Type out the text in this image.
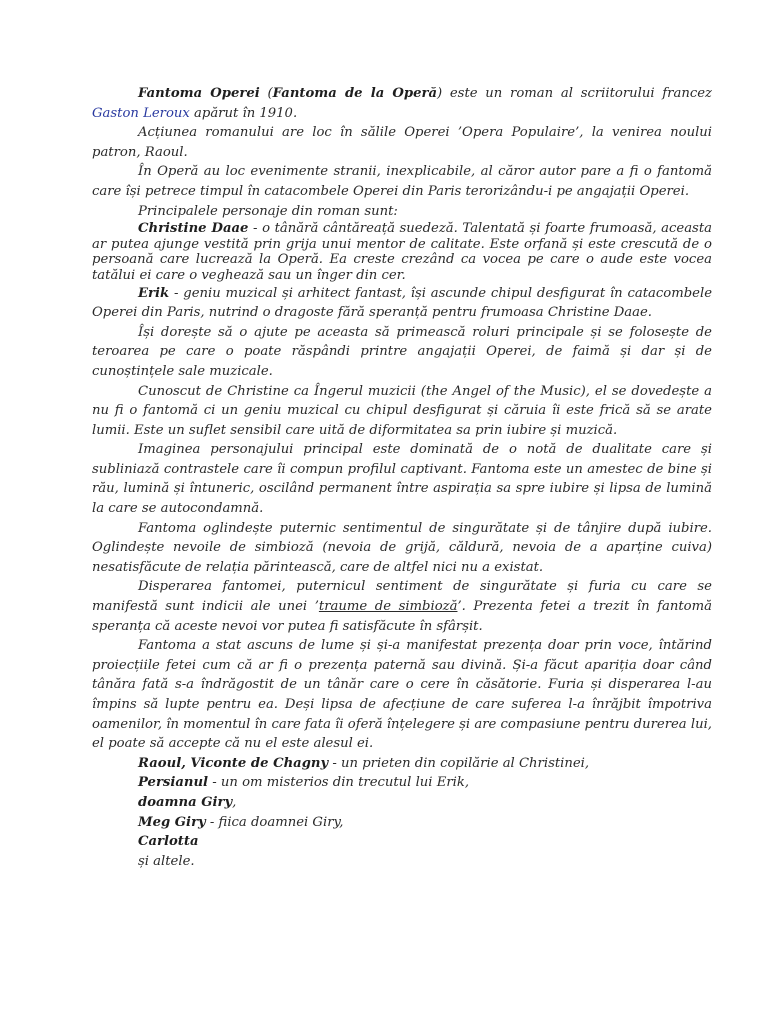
Fantoma Operei (Fantoma de la Operă) este un roman al scriitorului francez Gaston Leroux apărut în 1910.

Acțiunea romanului are loc în sălile Operei ’Opera Populaire’, la venirea noului patron, Raoul.

În Operă au loc evenimente stranii, inexplicabile, al căror autor pare a fi o fantomă care își petrece timpul în catacombele Operei din Paris terorizându-i pe angajații Operei.

Principalele personaje din roman sunt:

Christine Daae - o tânără cântăreață suedeză. Talentată și foarte frumoasă, aceasta ar putea ajunge vestită prin grija unui mentor de calitate. Este orfană și este crescută de o persoană care lucrează la Operă. Ea creste crezând ca vocea pe care o aude este vocea tatălui ei care o veghează sau un înger din cer.

Erik - geniu muzical și arhitect fantast, își ascunde chipul desfigurat în catacombele Operei din Paris, nutrind o dragoste fără speranță pentru frumoasa Christine Daae.

Își dorește să o ajute pe aceasta să primească roluri principale și se folosește de teroarea pe care o poate răspândi printre angajații Operei, de faimă și dar și de cunoștințele sale muzicale.

Cunoscut de Christine ca Îngerul muzicii (the Angel of the Music), el se dovedește a nu fi o fantomă ci un geniu muzical cu chipul desfigurat și căruia îi este frică să se arate lumii. Este un suflet sensibil care uită de diformitatea sa prin iubire și muzică.

Imaginea personajului principal este dominată de o notă de dualitate care și subliniază contrastele care îi compun profilul captivant. Fantoma este un amestec de bine și rău, lumină și întuneric, oscilând permanent între aspirația sa spre iubire și lipsa de lumină la care se autocondamnă.

Fantoma oglindește puternic sentimentul de singurătate și de tânjire după iubire. Oglindește nevoile de simbioză (nevoia de grijă, căldură, nevoia de a aparține cuiva) nesatisfăcute de relația părintească, care de altfel nici nu a existat.

Disperarea fantomei, puternicul sentiment de singurătate și furia cu care se manifestă sunt indicii ale unei ’traume de simbioză’. Prezenta fetei a trezit în fantomă speranța că aceste nevoi vor putea fi satisfăcute în sfârșit.

Fantoma a stat ascuns de lume și și-a manifestat prezența doar prin voce, întărind proiecțiile fetei cum că ar fi o prezența paternă sau divină. Și-a făcut apariția doar când tânăra fată s-a îndrăgostit de un tânăr care o cere în căsătorie. Furia și disperarea l-au împins să lupte pentru ea. Deși lipsa de afecțiune de care suferea l-a înrăjbit împotriva oamenilor, în momentul în care fata îi oferă înțelegere și are compasiune pentru durerea lui, el poate să accepte că nu el este alesul ei.

Raoul, Viconte de Chagny - un prieten din copilărie al Christinei,

Persianul - un om misterios din trecutul lui Erik,

doamna Giry,

Meg Giry - fiica doamnei Giry,

Carlotta

și altele.
